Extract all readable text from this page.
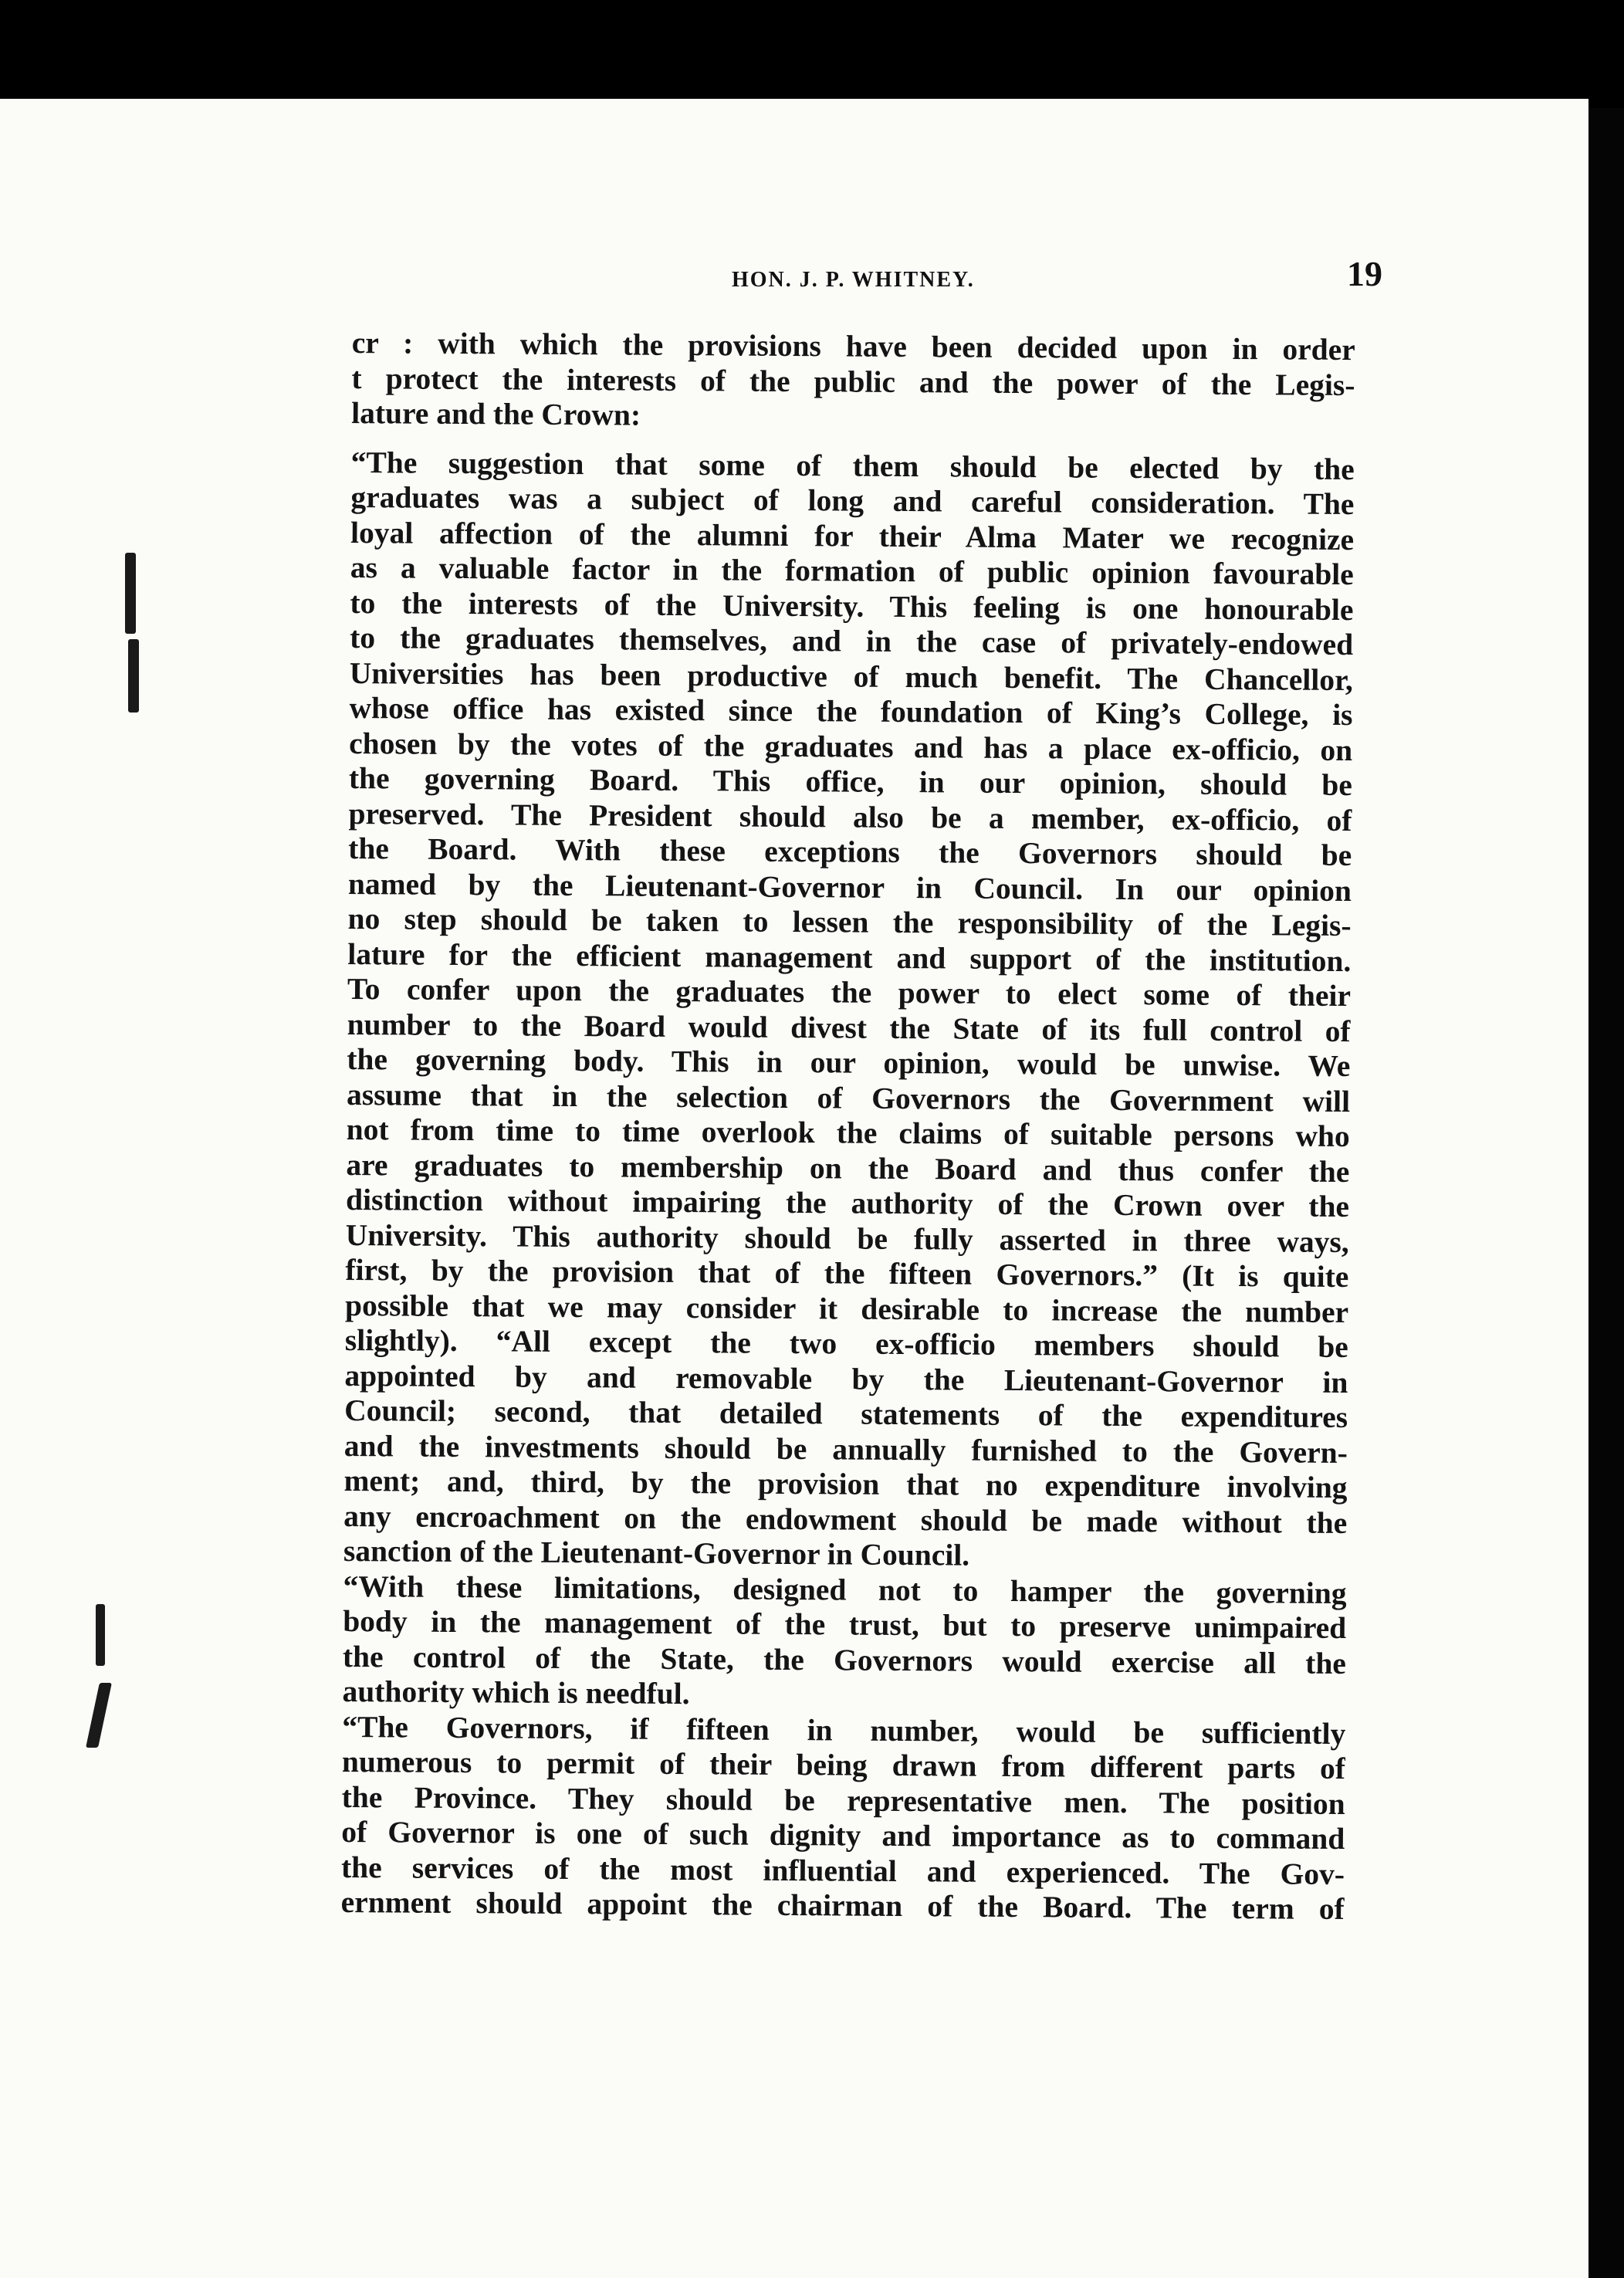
HON. J. P. WHITNEY.	19
cr : with which the provisions have been decided upon in order
t protect the interests of the public and the power of the Legis-
lature and the Crown:
“The suggestion that some of them should be elected by the
graduates was a subject of long and careful consideration. The
loyal affection of the alumni for their Alma Mater we recognize
as a valuable factor in the formation of public opinion favourable
to the interests of the University. This feeling is one honourable
to the graduates themselves, and in the case of privately-endowed
Universities has been productive of much benefit. The Chancellor,
whose office has existed since the foundation of King’s College, is
chosen by the votes of the graduates and has a place ex-officio, on
the governing Board. This office, in our opinion, should be
preserved. The President should also be a member, ex-officio, of
the Board. With these exceptions the Governors should be
named by the Lieutenant-Governor in Council. In our opinion
no step should be taken to lessen the responsibility of the Legis-
lature for the efficient management and support of the institution.
To confer upon the graduates the power to elect some of their
number to the Board would divest the State of its full control of
the governing body. This in our opinion, would be unwise. We
assume that in the selection of Governors the Government will
not from time to time overlook the claims of suitable persons who
are graduates to membership on the Board and thus confer the
distinction without impairing the authority of the Crown over the
University. This authority should be fully asserted in three ways,
first, by the provision that of the fifteen Governors.” (It is quite
possible that we may consider it desirable to increase the number
slightly). “All except the two ex-officio members should be
appointed by and removable by the Lieutenant-Governor in
Council; second, that detailed statements of the expenditures
and the investments should be annually furnished to the Govern-
ment; and, third, by the provision that no expenditure involving
any encroachment on the endowment should be made without the
sanction of the Lieutenant-Governor in Council.
“With these limitations, designed not to hamper the governing
body in the management of the trust, but to preserve unimpaired
the control of the State, the Governors would exercise all the
authority which is needful.
“The Governors, if fifteen in number, would be sufficiently
numerous to permit of their being drawn from different parts of
the Province. They should be representative men. The position
of Governor is one of such dignity and importance as to command
the services of the most influential and experienced. The Gov-
ernment should appoint the chairman of the Board. The term of
